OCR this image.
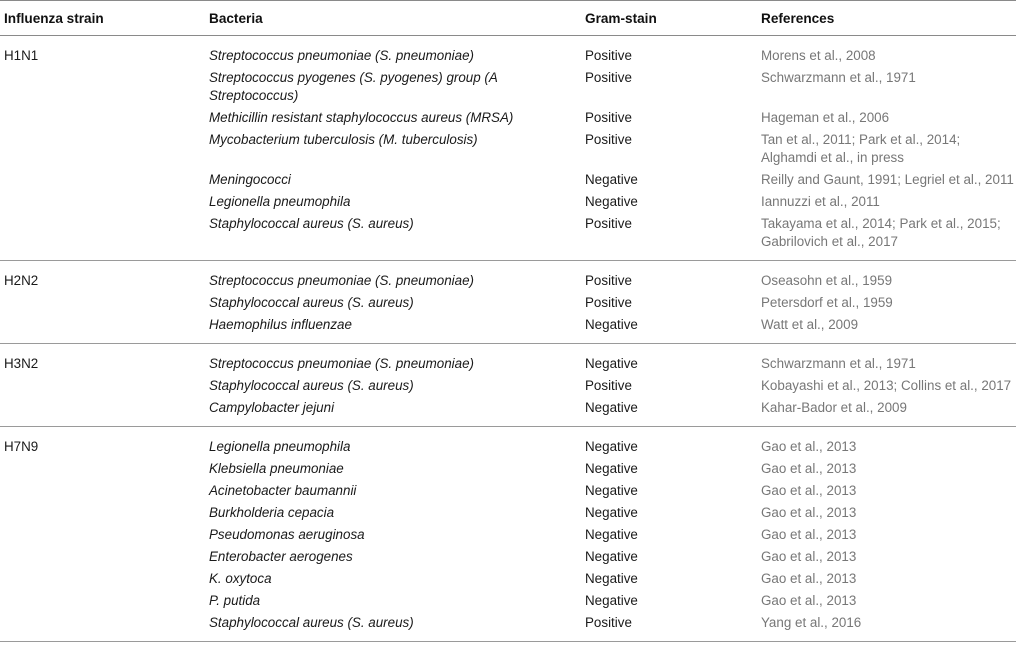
Influenza strain	Bacteria	Gram-stain	References
H1N1	Streptococcus pneumoniae (S. pneumoniae)	Positive	Morens et al., 2008
	Streptococcus pyogenes (S. pyogenes) group (A Streptococcus)	Positive	Schwarzmann et al., 1971
	Methicillin resistant staphylococcus aureus (MRSA)	Positive	Hageman et al., 2006
	Mycobacterium tuberculosis (M. tuberculosis)	Positive	Tan et al., 2011; Park et al., 2014; Alghamdi et al., in press
	Meningococci	Negative	Reilly and Gaunt, 1991; Legriel et al., 2011
	Legionella pneumophila	Negative	Iannuzzi et al., 2011
	Staphylococcal aureus (S. aureus)	Positive	Takayama et al., 2014; Park et al., 2015; Gabrilovich et al., 2017
H2N2	Streptococcus pneumoniae (S. pneumoniae)	Positive	Oseasohn et al., 1959
	Staphylococcal aureus (S. aureus)	Positive	Petersdorf et al., 1959
	Haemophilus influenzae	Negative	Watt et al., 2009
H3N2	Streptococcus pneumoniae (S. pneumoniae)	Negative	Schwarzmann et al., 1971
	Staphylococcal aureus (S. aureus)	Positive	Kobayashi et al., 2013; Collins et al., 2017
	Campylobacter jejuni	Negative	Kahar-Bador et al., 2009
H7N9	Legionella pneumophila	Negative	Gao et al., 2013
	Klebsiella pneumoniae	Negative	Gao et al., 2013
	Acinetobacter baumannii	Negative	Gao et al., 2013
	Burkholderia cepacia	Negative	Gao et al., 2013
	Pseudomonas aeruginosa	Negative	Gao et al., 2013
	Enterobacter aerogenes	Negative	Gao et al., 2013
	K. oxytoca	Negative	Gao et al., 2013
	P. putida	Negative	Gao et al., 2013
	Staphylococcal aureus (S. aureus)	Positive	Yang et al., 2016
